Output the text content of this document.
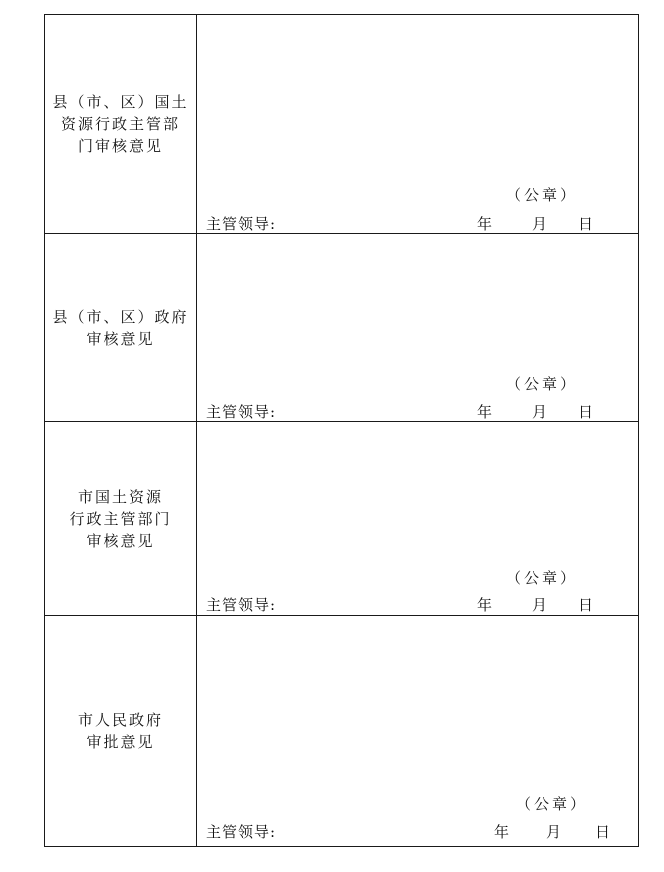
县（市、区）国土
资源行政主管部
门审核意见	（公章）
主管领导: 年 月 日

县（市、区）政府
审核意见	（公章）
主管领导: 年 月 日

市国土资源
行政主管部门
审核意见	（公章）
主管领导: 年 月 日

市人民政府
审批意见	（公章）
主管领导: 年 月 日
